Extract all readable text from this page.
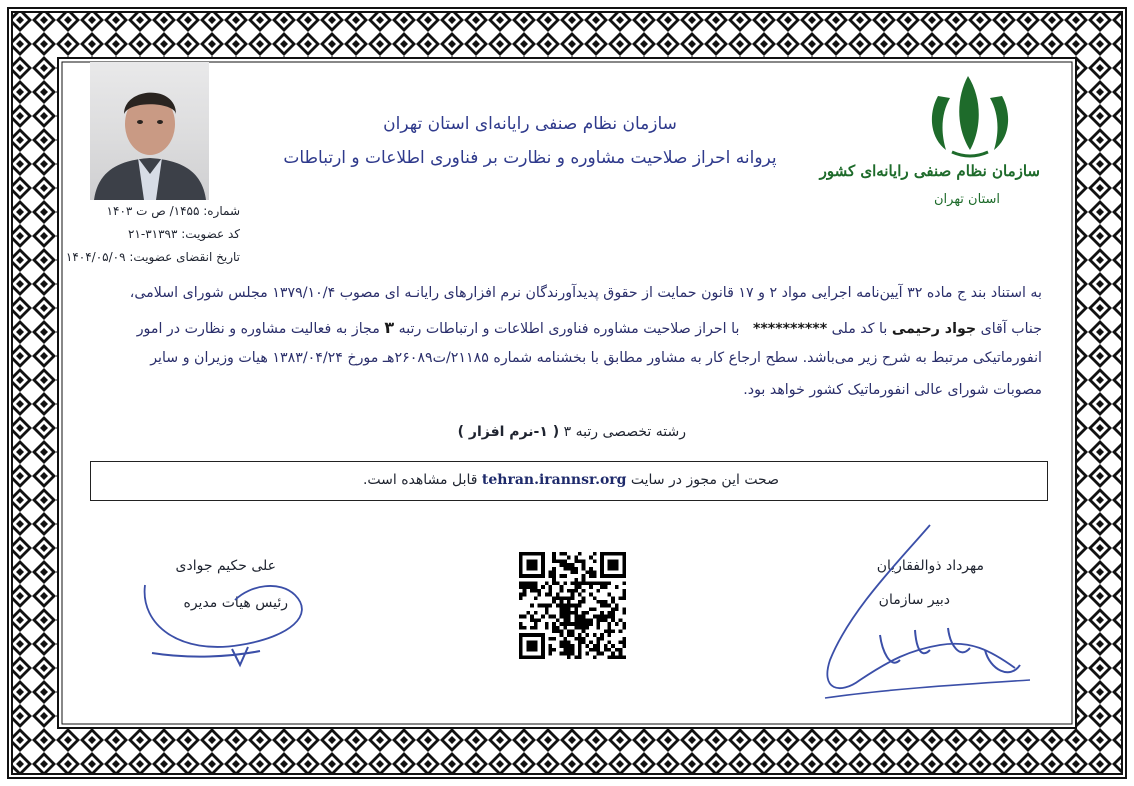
شماره: ۱۴۵۵/ ص ت ۱۴۰۳
کد عضویت: ۳۱۳۹۳-۲۱
تاریخ انقضای عضویت: ۱۴۰۴/۰۵/۰۹
سازمان نظام صنفی رایانه‌ای استان تهران
پروانه احراز صلاحیت مشاوره و نظارت بر فناوری اطلاعات و ارتباطات
سازمان نظام صنفی رایانه‌ای کشور
استان تهران
به استناد بند ج ماده ۳۲ آیین‌نامه اجرایی مواد ۲ و ۱۷ قانون حمایت از حقوق پدیدآورندگان نرم افزارهای رایانـه ای مصوب ۱۳۷۹/۱۰/۴ مجلس شورای اسلامی،
جناب آقای جواد رحیمی با کد ملی **********   با احراز صلاحیت مشاوره فناوری اطلاعات و ارتباطات رتبه ۳ مجاز به فعالیت مشاوره و نظارت در امور
انفورماتیکی مرتبط به شرح زیر می‌باشد. سطح ارجاع کار به مشاور مطابق با بخشنامه شماره ۲۱۱۸۵/ت۲۶۰۸۹هـ مورخ ۱۳۸۳/۰۴/۲۴ هیات وزیران و سایر
مصوبات شورای عالی انفورماتیک کشور خواهد بود.
رشته تخصصی رتبه ۳ ( ۱-نرم افزار )
صحت این مجوز در سایت tehran.irannsr.org قابل مشاهده است.
مهرداد ذوالفقاریان
دبیر سازمان
علی حکیم جوادی
رئیس هیات مدیره
